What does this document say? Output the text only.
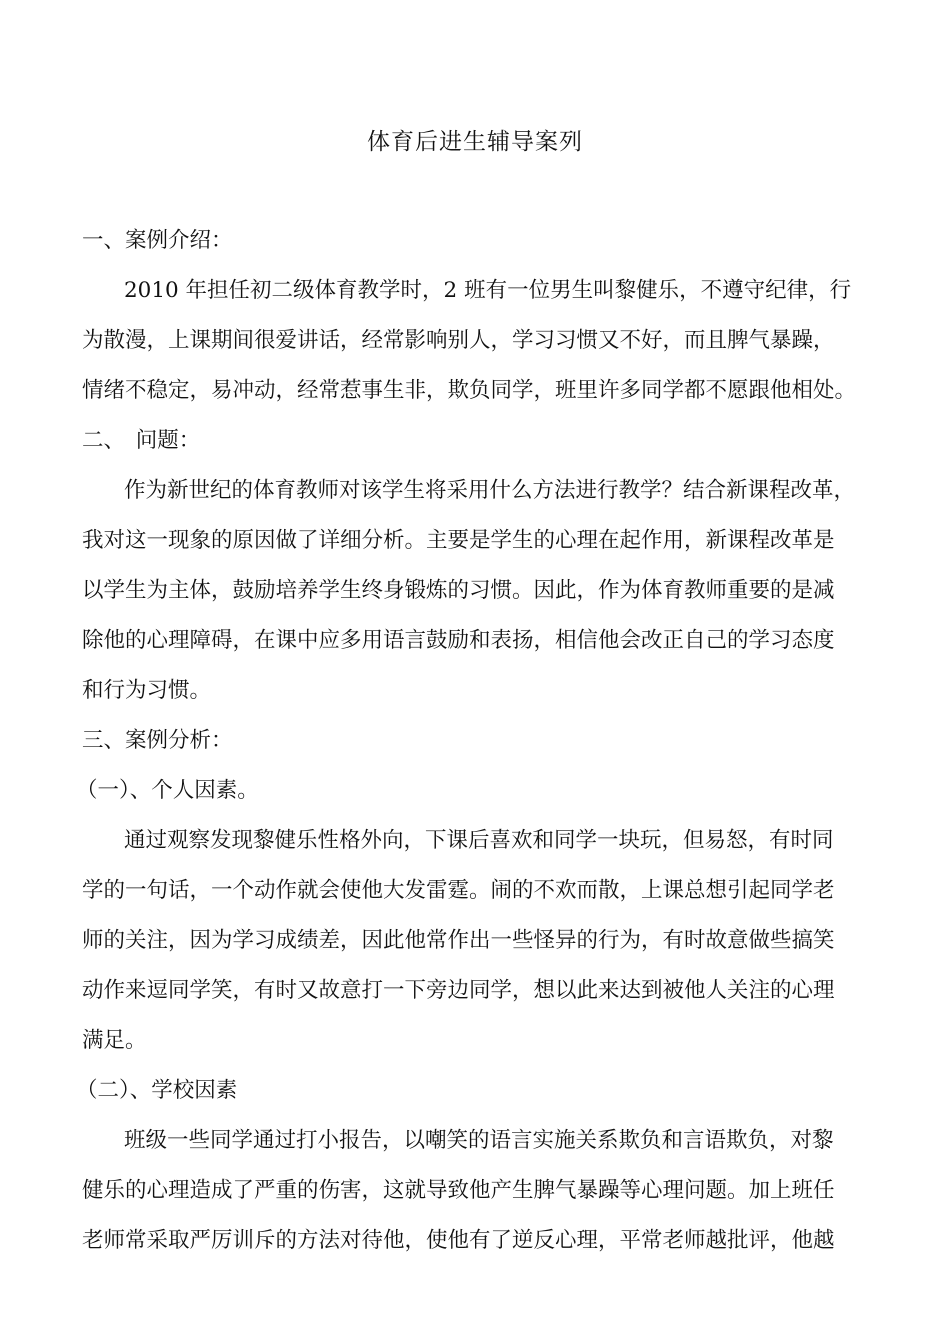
体育后进生辅导案列

一、案例介绍：

2010 年担任初二级体育教学时，2 班有一位男生叫黎健乐，不遵守纪律，行

为散漫，上课期间很爱讲话，经常影响别人，学习习惯又不好，而且脾气暴躁，

情绪不稳定，易冲动，经常惹事生非，欺负同学，班里许多同学都不愿跟他相处。

二、　问题：

作为新世纪的体育教师对该学生将采用什么方法进行教学？结合新课程改革，

我对这一现象的原因做了详细分析。主要是学生的心理在起作用，新课程改革是

以学生为主体，鼓励培养学生终身锻炼的习惯。因此，作为体育教师重要的是减

除他的心理障碍，在课中应多用语言鼓励和表扬，相信他会改正自己的学习态度

和行为习惯。

三、案例分析：

（一）、个人因素。

通过观察发现黎健乐性格外向，下课后喜欢和同学一块玩，但易怒，有时同

学的一句话，一个动作就会使他大发雷霆。闹的不欢而散，上课总想引起同学老

师的关注，因为学习成绩差，因此他常作出一些怪异的行为，有时故意做些搞笑

动作来逗同学笑，有时又故意打一下旁边同学，想以此来达到被他人关注的心理

满足。

（二）、学校因素

班级一些同学通过打小报告，以嘲笑的语言实施关系欺负和言语欺负，对黎

健乐的心理造成了严重的伤害，这就导致他产生脾气暴躁等心理问题。加上班任

老师常采取严厉训斥的方法对待他，使他有了逆反心理，平常老师越批评，他越
